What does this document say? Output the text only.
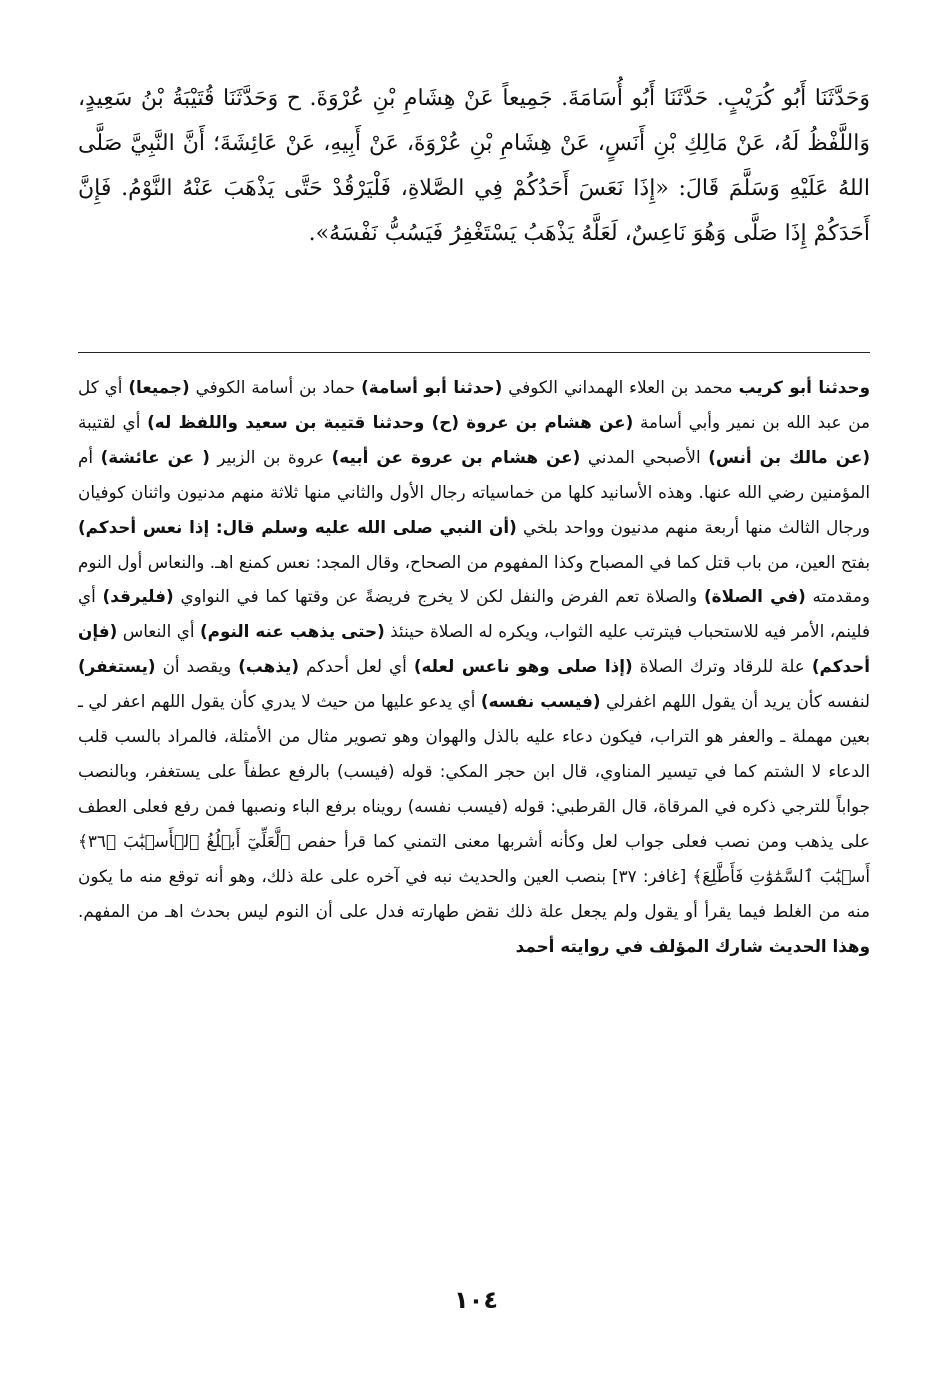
وَحَدَّثَنَا أَبُو كُرَيْبٍ. حَدَّثَنَا أَبُو أُسَامَةَ. جَمِيعاً عَنْ هِشَامِ بْنِ عُرْوَةَ. ح وَحَدَّثَنَا قُتَيْبَةُ بْنُ سَعِيدٍ، وَاللَّفْظُ لَهُ، عَنْ مَالِكِ بْنِ أَنَسٍ، عَنْ هِشَامِ بْنِ عُرْوَةَ، عَنْ أَبِيهِ، عَنْ عَائِشَةَ؛ أَنَّ النَّبِيَّ صَلَّى اللهُ عَلَيْهِ وَسَلَّمَ قَالَ: «إِذَا نَعَسَ أَحَدُكُمْ فِي الصَّلاةِ، فَلْيَرْقُدْ حَتَّى يَذْهَبَ عَنْهُ النَّوْمُ. فَإِنَّ أَحَدَكُمْ إِذَا صَلَّى وَهُوَ نَاعِسٌ، لَعَلَّهُ يَذْهَبُ يَسْتَغْفِرُ فَيَسُبُّ نَفْسَهُ».

وحدثنا أبو كريب محمد بن العلاء الهمداني الكوفي (حدثنا أبو أسامة) حماد بن أسامة الكوفي (جميعا) أي كل من عبد الله بن نمير وأبي أسامة (عن هشام بن عروة (ح) وحدثنا قتيبة بن سعيد واللفظ له) أي لقتيبة (عن مالك بن أنس) الأصبحي المدني (عن هشام بن عروة عن أبيه) عروة بن الزبير ( عن عائشة) أم المؤمنين رضي الله عنها. وهذه الأسانيد كلها من خماسياته رجال الأول والثاني منها ثلاثة منهم مدنيون واثنان كوفيان ورجال الثالث منها أربعة منهم مدنيون وواحد بلخي (أن النبي صلى الله عليه وسلم قال: إذا نعس أحدكم) بفتح العين، من باب قتل كما في المصباح وكذا المفهوم من الصحاح، وقال المجد: نعس كمنع اهـ. والنعاس أول النوم ومقدمته (في الصلاة) والصلاة تعم الفرض والنفل لكن لا يخرج فريضةً عن وقتها كما في النواوي (فليرقد) أي فلينم، الأمر فيه للاستحباب فيترتب عليه الثواب، ويكره له الصلاة حينئذ (حتى يذهب عنه النوم) أي النعاس (فإن أحدكم) علة للرقاد وترك الصلاة (إذا صلى وهو ناعس لعله) أي لعل أحدكم (يذهب) ويقصد أن (يستغفر) لنفسه كأن يريد أن يقول اللهم اغفرلي (فيسب نفسه) أي يدعو عليها من حيث لا يدري كأن يقول اللهم اعفر لي ـ بعين مهملة ـ والعفر هو التراب، فيكون دعاء عليه بالذل والهوان وهو تصوير مثال من الأمثلة، فالمراد بالسب قلب الدعاء لا الشتم كما في تيسير المناوي، قال ابن حجر المكي: قوله (فيسب) بالرفع عطفاً على يستغفر، وبالنصب جواباً للترجي ذكره في المرقاة، قال القرطبي: قوله (فيسب نفسه) رويناه برفع الباء ونصبها فمن رفع فعلى العطف على يذهب ومن نصب فعلى جواب لعل وكأنه أشربها معنى التمني كما قرأ حفص ﴿لَّعَلِّيٓ أَبۡلُغُ ٱلۡأَسۡبَٰبَ ﴿٣٦﴾ أَسۡبَٰبَ ٱلسَّمَٰوَٰتِ فَأَطَّلِعَ﴾ [غافر: ٣٧] بنصب العين والحديث نبه في آخره على علة ذلك، وهو أنه توقع منه ما يكون منه من الغلط فيما يقرأ أو يقول ولم يجعل علة ذلك نقض طهارته فدل على أن النوم ليس بحدث اهـ من المفهم. وهذا الحديث شارك المؤلف في روايته أحمد

١٠٤
